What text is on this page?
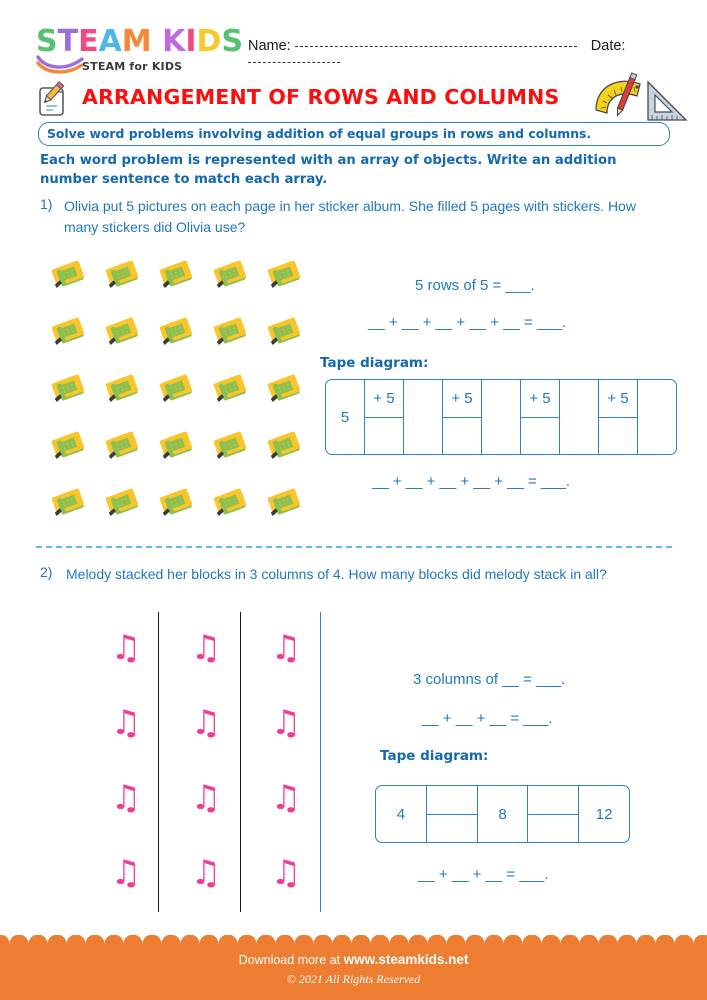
STEAM KIDS
STEAM for KIDS
Name:	Date:
ARRANGEMENT OF ROWS AND COLUMNS
Solve word problems involving addition of equal groups in rows and columns.
Each word problem is represented with an array of objects. Write an addition number sentence to match each array.
1) Olivia put 5 pictures on each page in her sticker album. She filled 5 pages with stickers. How many stickers did Olivia use?
5 rows of 5 = ___.
__ + __ + __ + __ + __ = ___.
Tape diagram:
5
+ 5	+ 5	+ 5	+ 5
__ + __ + __ + __ + __ = ___.
2) Melody stacked her blocks in 3 columns of 4. How many blocks did melody stack in all?
♫ ♫ ♫
♫ ♫ ♫
♫ ♫ ♫
♫ ♫ ♫
3 columns of __ = ___.
__ + __ + __ = ___.
Tape diagram:
4	8	12
__ + __ + __ = ___.
Download more at www.steamkids.net
© 2021 All Rights Reserved
